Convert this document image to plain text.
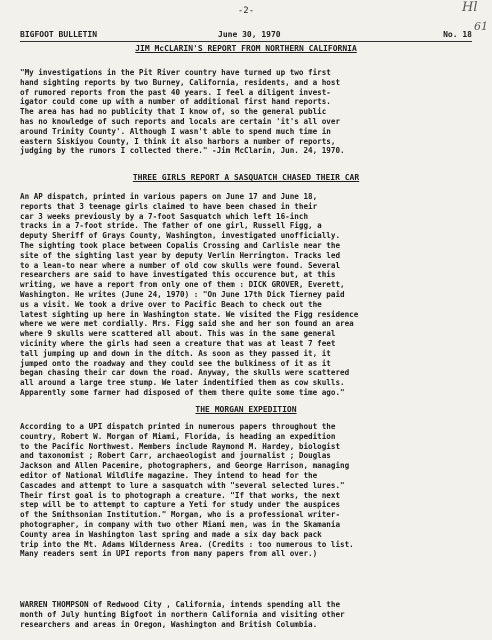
-2-	Hl
61
BIGFOOT BULLETIN	June 30, 1970	No. 18
JIM McCLARIN'S REPORT FROM NORTHERN CALIFORNIA

"My investigations in the Pit River country have turned up two first
hand sighting reports by two Burney, California, residents, and a host
of rumored reports from the past 40 years. I feel a diligent invest-
igator could come up with a number of additional first hand reports.
The area has had no publicity that I know of, so the general public
has no knowledge of such reports and locals are certain 'it's all over
around Trinity County'. Although I wasn't able to spend much time in
eastern Siskiyou County, I think it also harbors a number of reports,
judging by the rumors I collected there." -Jim McClarin, Jun. 24, 1970.

THREE GIRLS REPORT A SASQUATCH CHASED THEIR CAR

An AP dispatch, printed in various papers on June 17 and June 18,
reports that 3 teenage girls claimed to have been chased in their
car 3 weeks previously by a 7-foot Sasquatch which left 16-inch
tracks in a 7-foot stride. The father of one girl, Russell Figg, a
deputy Sheriff of Grays County, Washington, investigated unofficially.
The sighting took place between Copalis Crossing and Carlisle near the
site of the sighting last year by deputy Verlin Herrington. Tracks led
to a lean-to near where a number of old cow skulls were found. Several
researchers are said to have investigated this occurence but, at this
writing, we have a report from only one of them : DICK GROVER, Everett,
Washington. He writes (June 24, 1970) : "On June 17th Dick Tierney paid
us a visit. We took a drive over to Pacific Beach to check out the
latest sighting up here in Washington state. We visited the Figg residence
where we were met cordially. Mrs. Figg said she and her son found an area
where 9 skulls were scattered all about. This was in the same general
vicinity where the girls had seen a creature that was at least 7 feet
tall jumping up and down in the ditch. As soon as they passed it, it
jumped onto the roadway and they could see the bulkiness of it as it
began chasing their car down the road. Anyway, the skulls were scattered
all around a large tree stump. We later indentified them as cow skulls.
Apparently some farmer had disposed of them there quite some time ago."

THE MORGAN EXPEDITION

According to a UPI dispatch printed in numerous papers throughout the
country, Robert W. Morgan of Miami, Florida, is heading an expedition
to the Pacific Northwest. Members include Raymond M. Hardey, biologist
and taxonomist ; Robert Carr, archaeologist and journalist ; Douglas
Jackson and Allen Pacemire, photographers, and George Harrison, managing
editor of National Wildlife magazine. They intend to head for the
Cascades and attempt to lure a sasquatch with "several selected lures."
Their first goal is to photograph a creature. "If that works, the next
step will be to attempt to capture a Yeti for study under the auspices
of the Smithsonian Institution." Morgan, who is a professional writer-
photographer, in company with two other Miami men, was in the Skamania
County area in Washington last spring and made a six day back pack
trip into the Mt. Adams Wilderness Area. (Credits : too numerous to list.
Many readers sent in UPI reports from many papers from all over.)

WARREN THOMPSON of Redwood City , California, intends spending all the
month of July hunting Bigfoot in northern California and visiting other
researchers and areas in Oregon, Washington and British Columbia.
